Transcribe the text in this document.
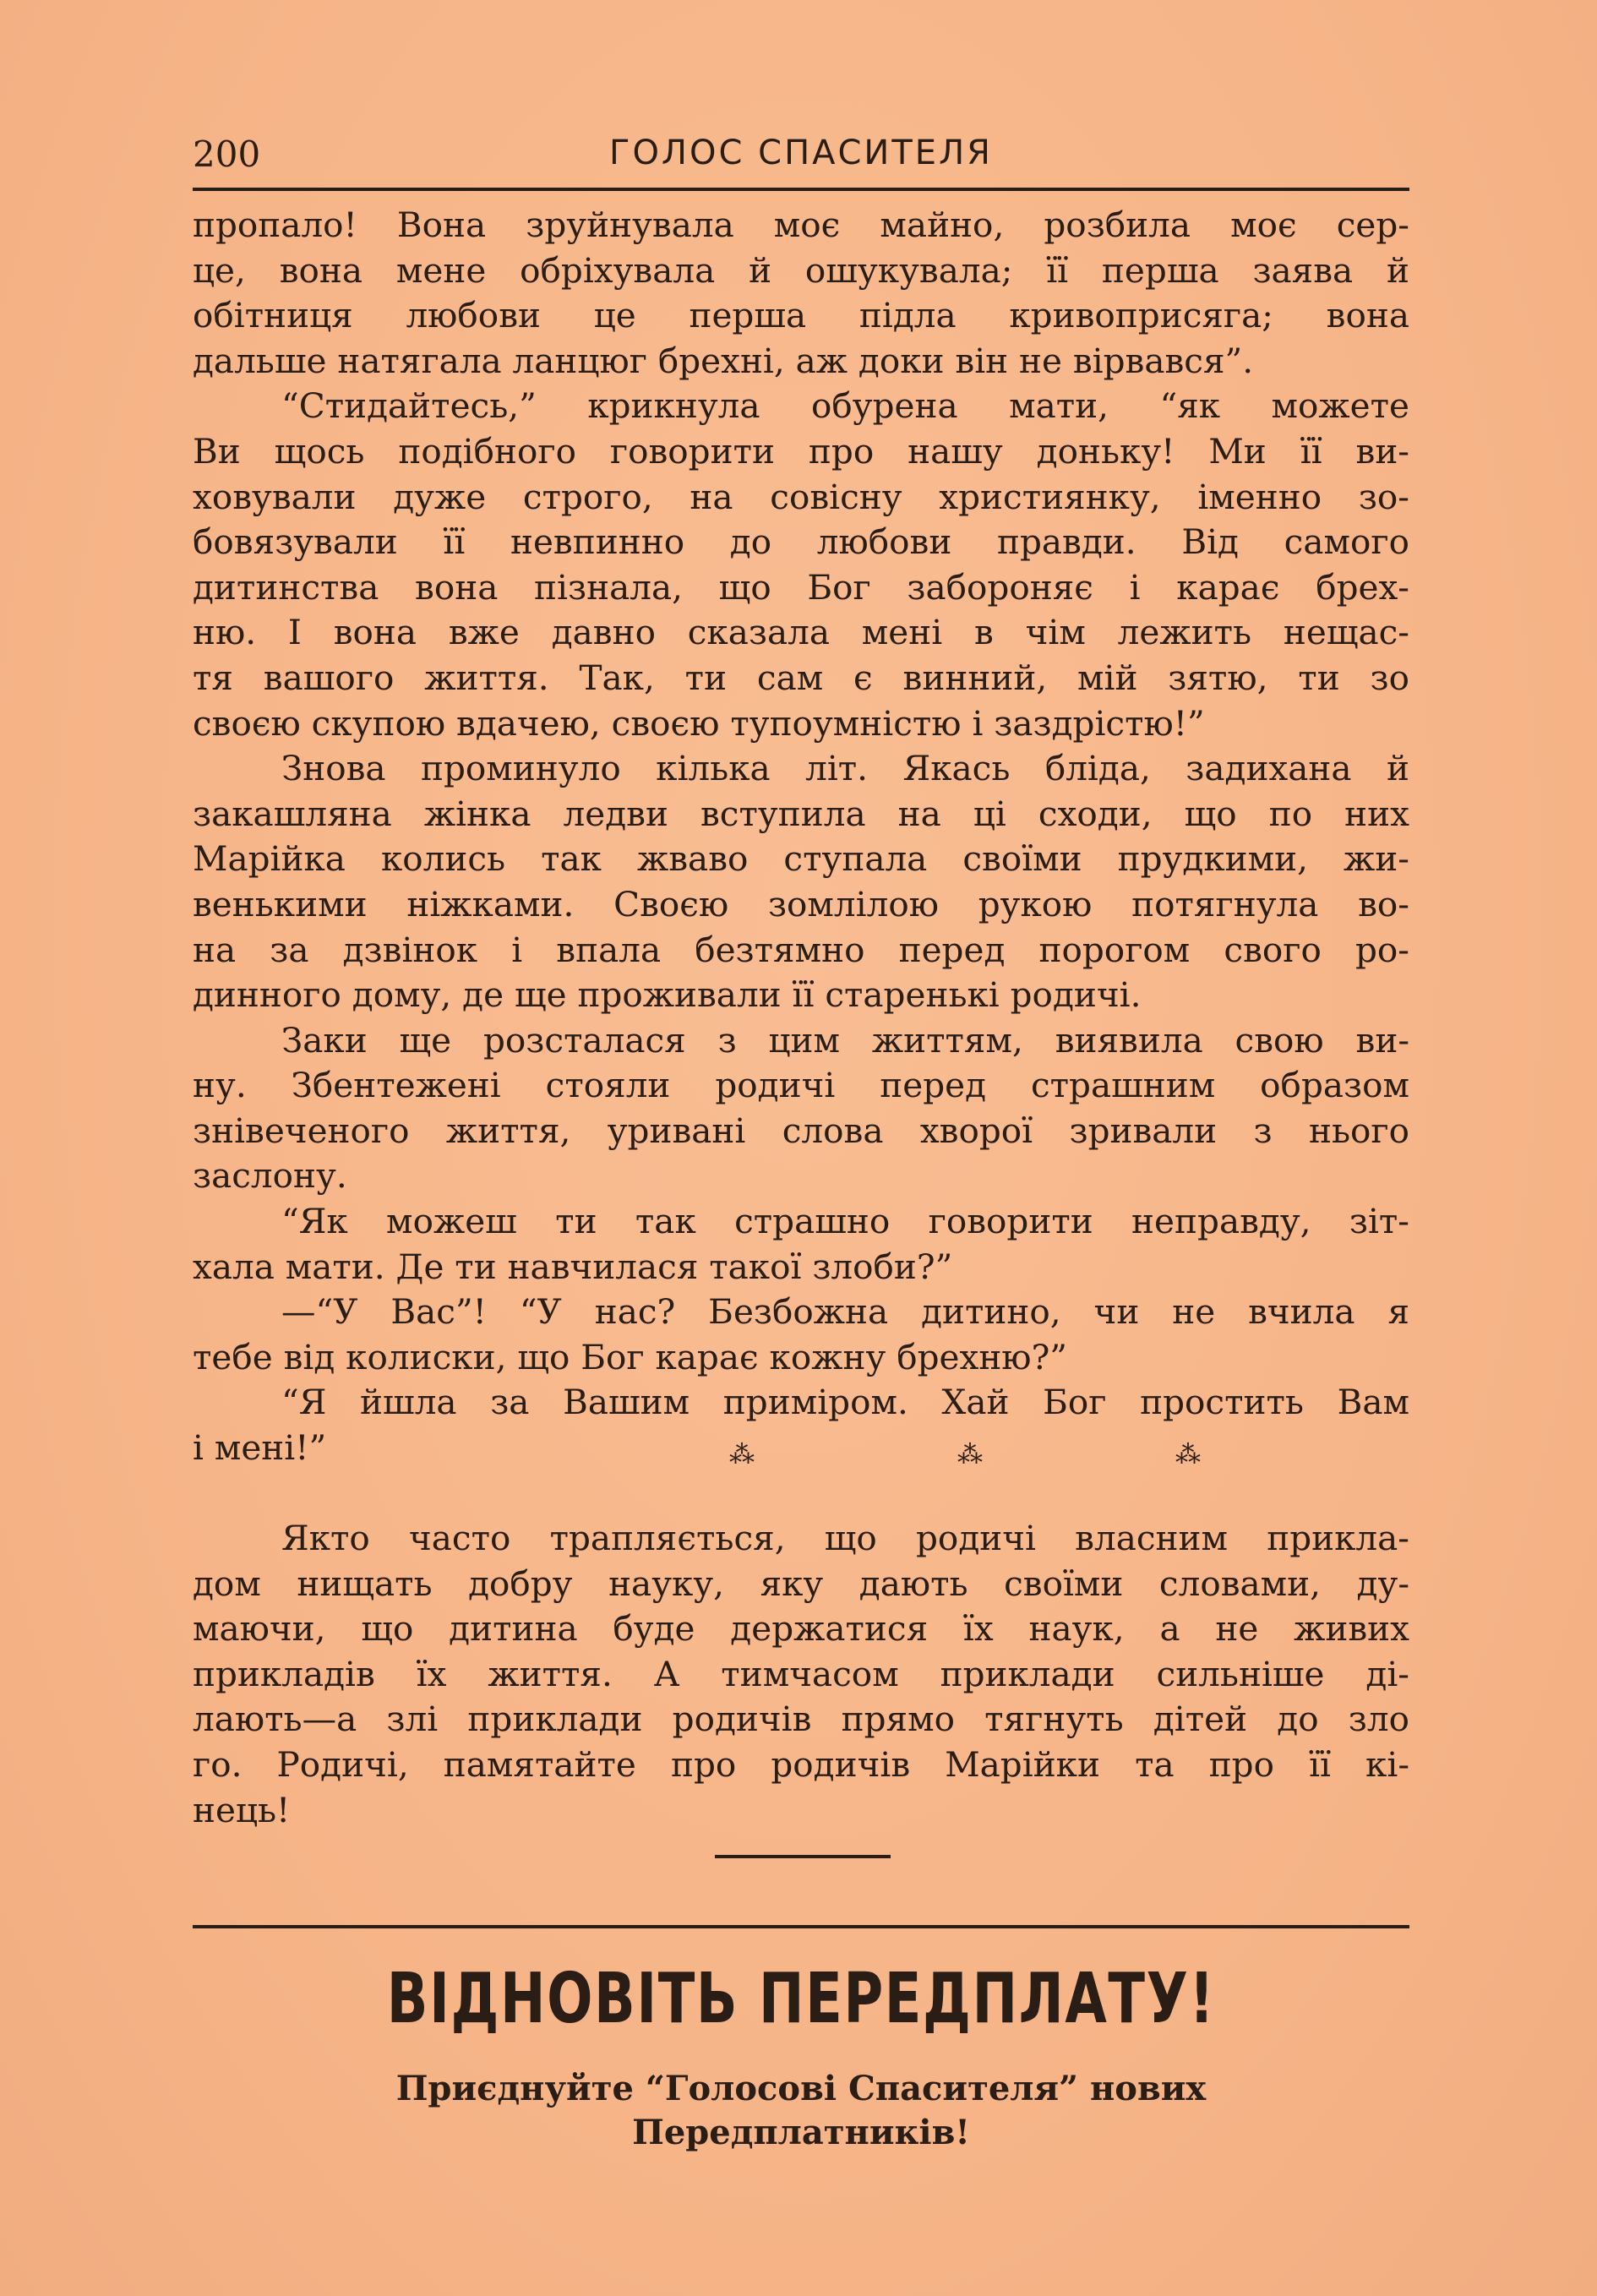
200	ГОЛОС СПАСИТЕЛЯ
пропало! Вона зруйнувала моє майно, розбила моє сер-
це, вона мене обріхувала й ошукувала; її перша заява й
обітниця любови це перша підла кривоприсяга; вона
дальше натягала ланцюг брехні, аж доки він не вірвався”.
“Стидайтесь,” крикнула обурена мати, “як можете
Ви щось подібного говорити про нашу доньку! Ми її ви-
ховували дуже строго, на совісну християнку, іменно зо-
бовязували її невпинно до любови правди. Від самого
дитинства вона пізнала, що Бог забороняє і карає брех-
ню. І вона вже давно сказала мені в чім лежить нещас-
тя вашого життя. Так, ти сам є винний, мій зятю, ти зо
своєю скупою вдачею, своєю тупоумністю і заздрістю!”
Знова проминуло кілька літ. Якась бліда, задихана й
закашляна жінка ледви вступила на ці сходи, що по них
Марійка колись так жваво ступала своїми прудкими, жи-
венькими ніжками. Своєю зомлілою рукою потягнула во-
на за дзвінок і впала безтямно перед порогом свого ро-
динного дому, де ще проживали її старенькі родичі.
Заки ще розсталася з цим життям, виявила свою ви-
ну. Збентежені стояли родичі перед страшним образом
знівеченого життя, уривані слова хворої зривали з нього
заслону.
“Як можеш ти так страшно говорити неправду, зіт-
хала мати. Де ти навчилася такої злоби?”
—“У Вас”! “У нас? Безбожна дитино, чи не вчила я
тебе від колиски, що Бог карає кожну брехню?”
“Я йшла за Вашим приміром. Хай Бог простить Вам
і мені!”	⁂	⁂	⁂
Якто часто трапляється, що родичі власним прикла-
дом нищать добру науку, яку дають своїми словами, ду-
маючи, що дитина буде держатися їх наук, а не живих
прикладів їх життя. А тимчасом приклади сильніше ді-
лають—а злі приклади родичів прямо тягнуть дітей до зло
го. Родичі, памятайте про родичів Марійки та про її кі-
нець!
ВІДНОВІТЬ ПЕРЕДПЛАТУ!
Приєднуйте “Голосові Спасителя” нових
Передплатників!
